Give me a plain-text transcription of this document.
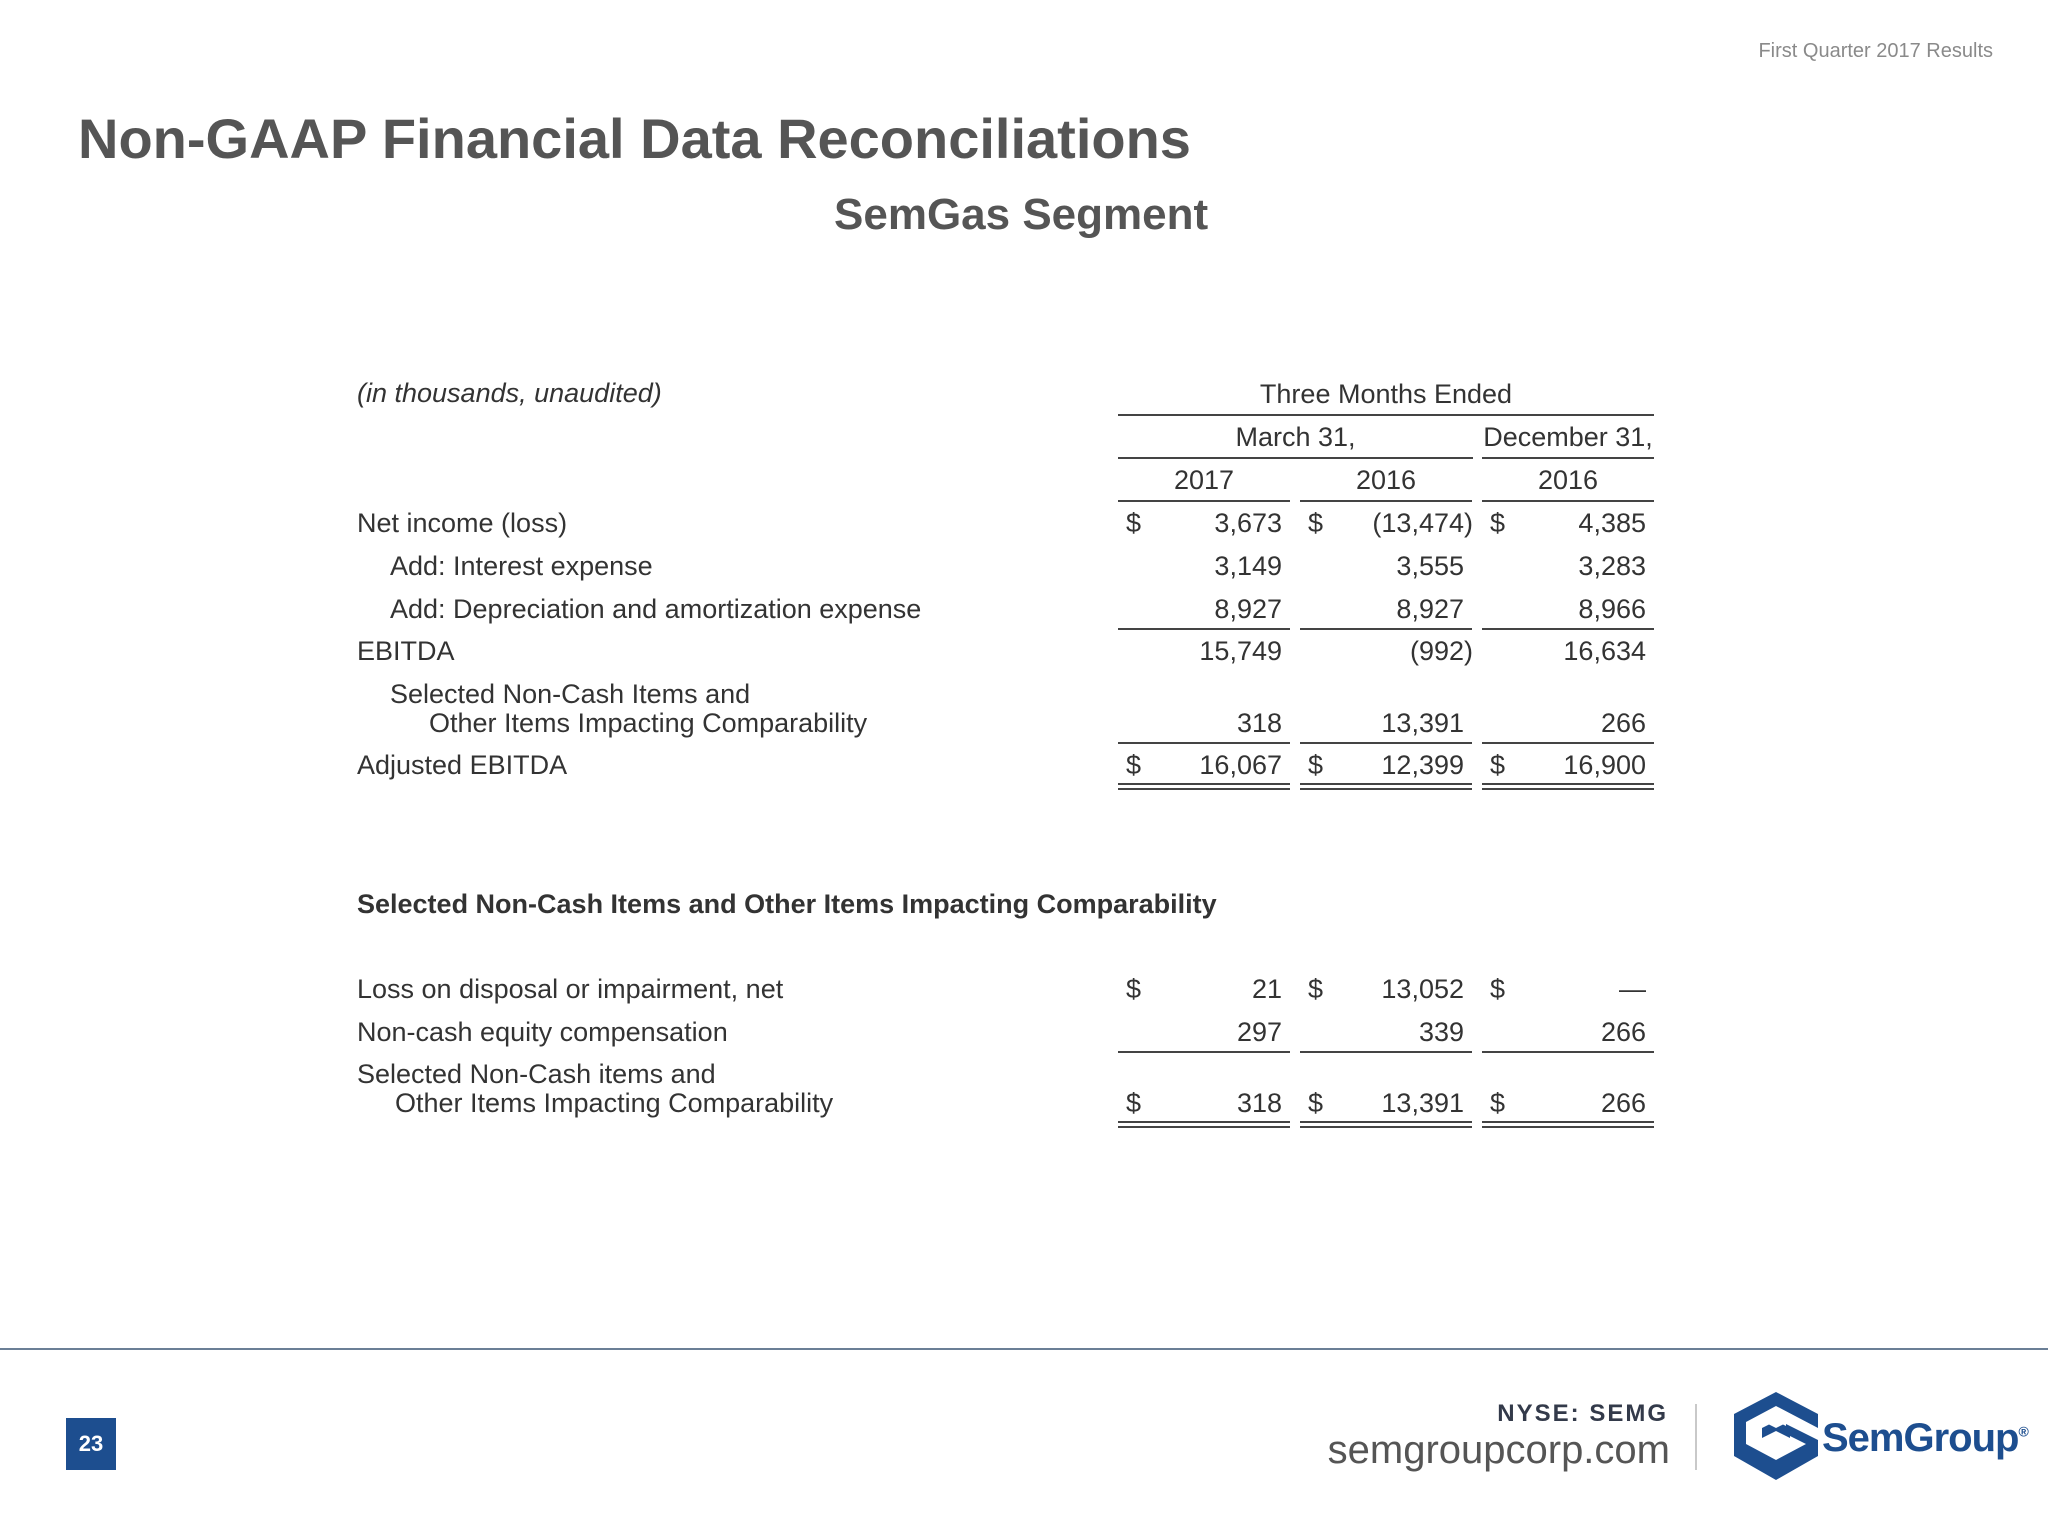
First Quarter 2017 Results
Non-GAAP Financial Data Reconciliations
SemGas Segment
(in thousands, unaudited)	Three Months Ended
March 31,	December 31,
2017	2016	2016
Net income (loss)	$	3,673 $	(13,474) $	4,385
Add: Interest expense	3,149	3,555	3,283
Add: Depreciation and amortization expense	8,927	8,927	8,966
EBITDA	15,749	(992)	16,634
Selected Non-Cash Items and
Other Items Impacting Comparability	318	13,391	266
Adjusted EBITDA	$	16,067 $	12,399 $	16,900
Selected Non-Cash Items and Other Items Impacting Comparability
Loss on disposal or impairment, net	$	21 $	13,052 $	—
Non-cash equity compensation	297	339	266
Selected Non-Cash items and
Other Items Impacting Comparability	$	318 $	13,391 $	266
23
NYSE: SEMG
semgroupcorp.com	SemGroup®
